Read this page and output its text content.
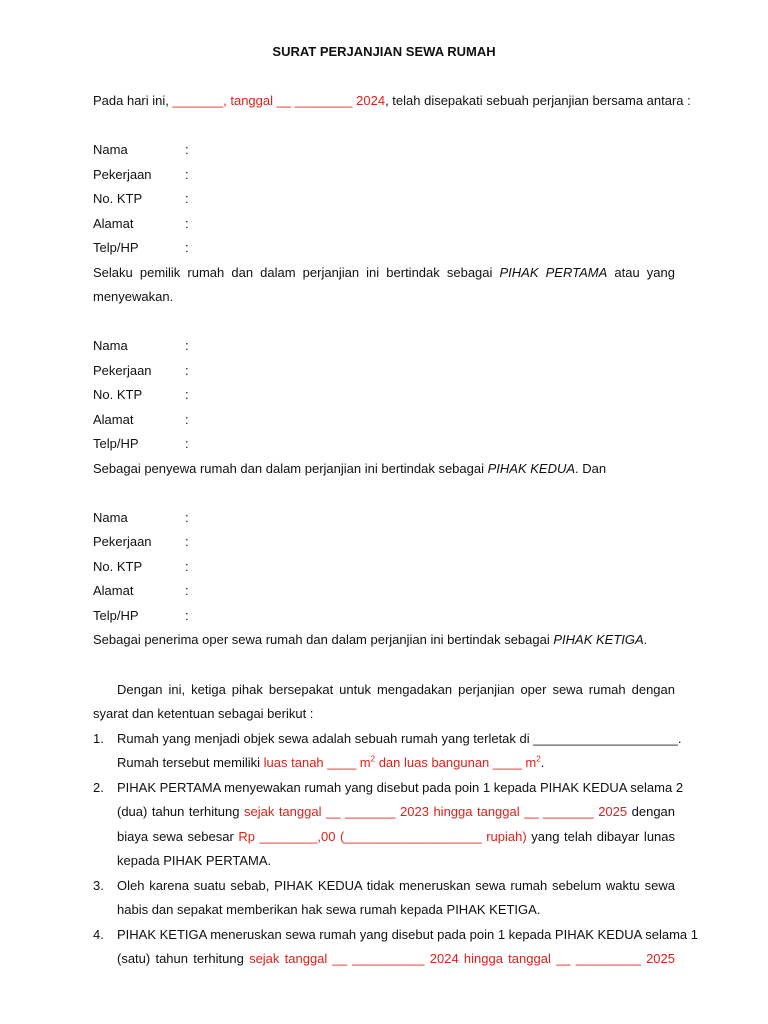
SURAT PERJANJIAN SEWA RUMAH
Pada hari ini, _______, tanggal __ ________ 2024, telah disepakati sebuah perjanjian bersama antara :
Nama	:
Pekerjaan	:
No. KTP	:
Alamat	:
Telp/HP	:
Selaku pemilik rumah dan dalam perjanjian ini bertindak sebagai PIHAK PERTAMA atau yang
menyewakan.
Nama	:
Pekerjaan	:
No. KTP	:
Alamat	:
Telp/HP	:
Sebagai penyewa rumah dan dalam perjanjian ini bertindak sebagai PIHAK KEDUA. Dan
Nama	:
Pekerjaan	:
No. KTP	:
Alamat	:
Telp/HP	:
Sebagai penerima oper sewa rumah dan dalam perjanjian ini bertindak sebagai PIHAK KETIGA.
Dengan ini, ketiga pihak bersepakat untuk mengadakan perjanjian oper sewa rumah dengan
syarat dan ketentuan sebagai berikut :
1. Rumah yang menjadi objek sewa adalah sebuah rumah yang terletak di ____________________.
Rumah tersebut memiliki luas tanah ____ $m^2$ dan luas bangunan ____ $m^2$.
2. PIHAK PERTAMA menyewakan rumah yang disebut pada poin 1 kepada PIHAK KEDUA selama 2
(dua) tahun terhitung sejak tanggal __ _______ 2023 hingga tanggal __ _______ 2025 dengan
biaya sewa sebesar Rp ________,00 (___________________ rupiah) yang telah dibayar lunas
kepada PIHAK PERTAMA.
3. Oleh karena suatu sebab, PIHAK KEDUA tidak meneruskan sewa rumah sebelum waktu sewa
habis dan sepakat memberikan hak sewa rumah kepada PIHAK KETIGA.
4. PIHAK KETIGA meneruskan sewa rumah yang disebut pada poin 1 kepada PIHAK KEDUA selama 1
(satu) tahun terhitung sejak tanggal __ __________ 2024 hingga tanggal __ _________ 2025
